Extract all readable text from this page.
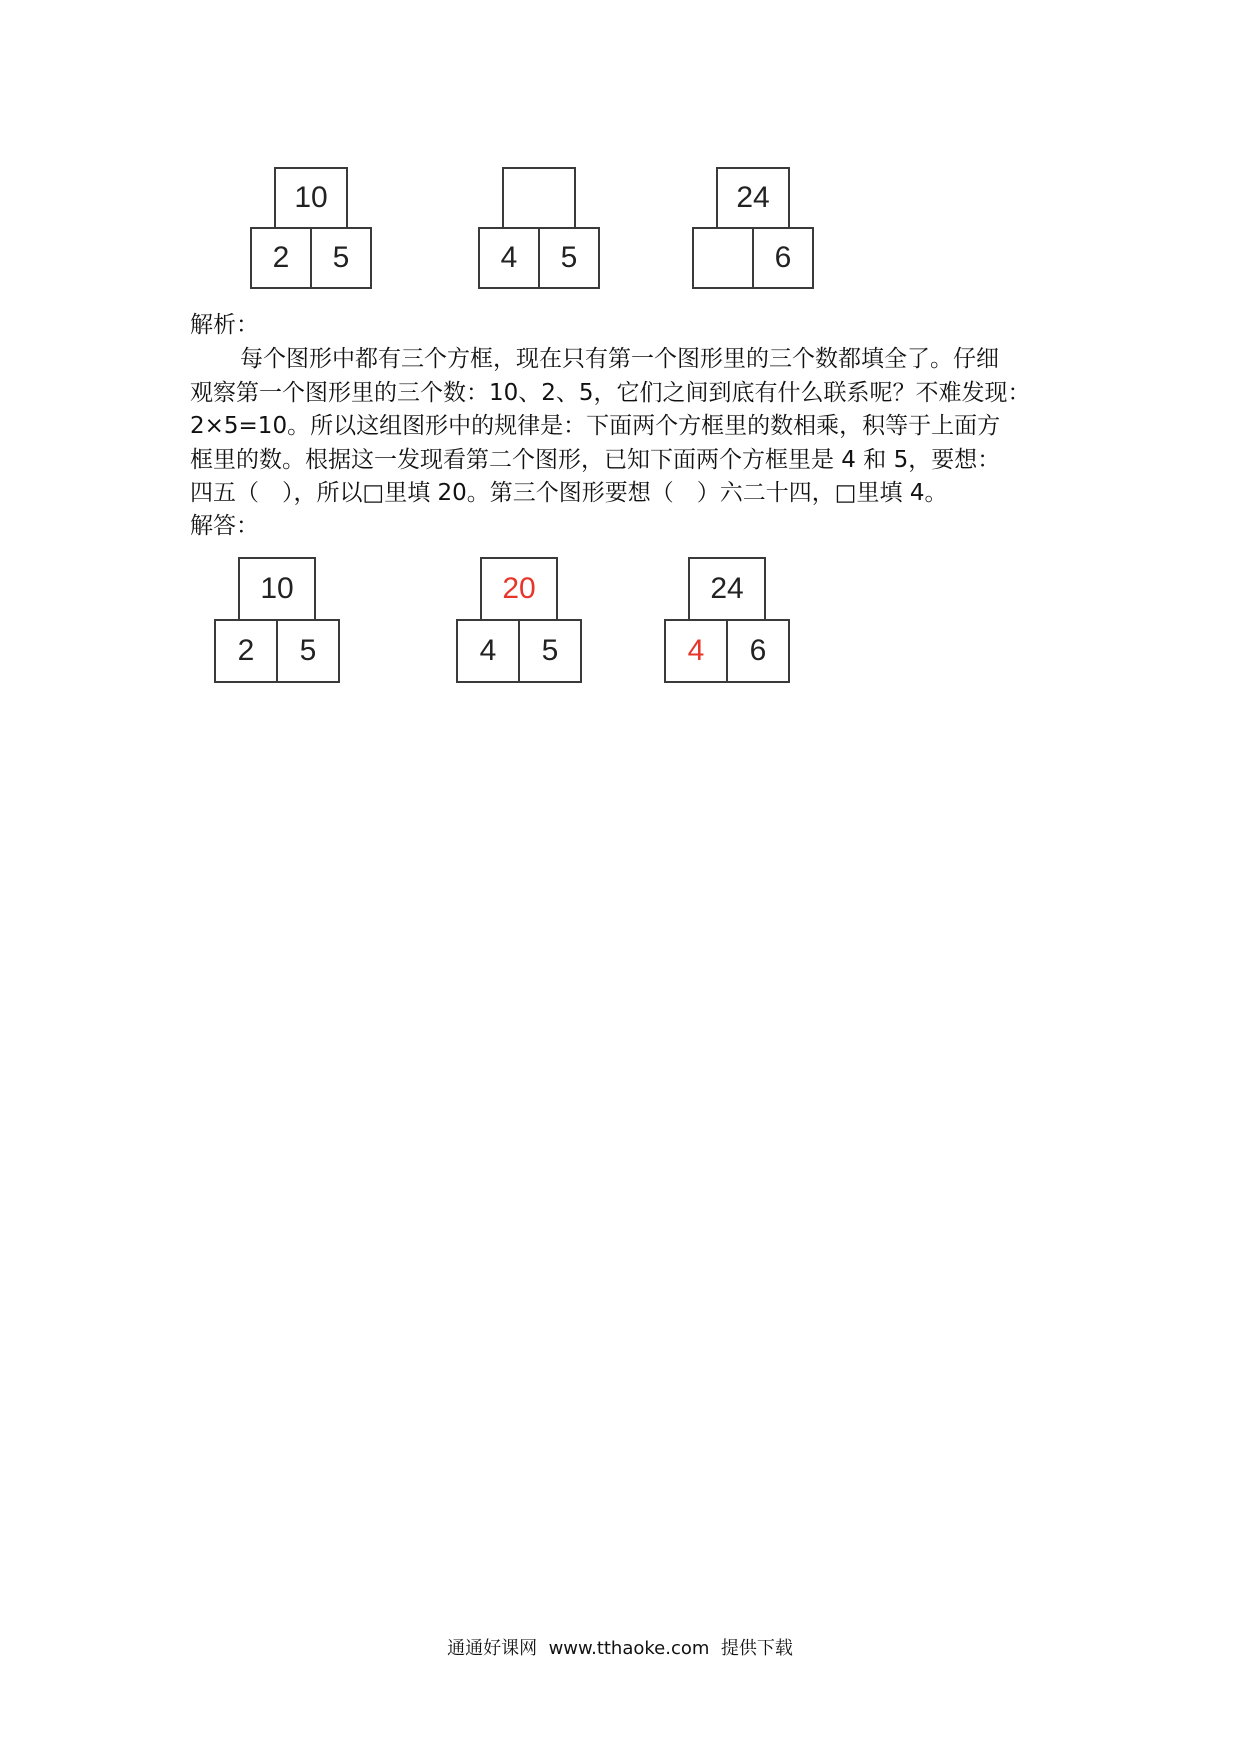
10
2	5	4	5
24
6
解析：

每个图形中都有三个方框，现在只有第一个图形里的三个数都填全了。仔细
观察第一个图形里的三个数：10、2、5，它们之间到底有什么联系呢？不难发现：
2×5=10。所以这组图形中的规律是：下面两个方框里的数相乘，积等于上面方
框里的数。根据这一发现看第二个图形，已知下面两个方框里是 4 和 5，要想：
四五（　），所以□里填 20。第三个图形要想（　）六二十四，□里填 4。

解答：
10
2	5
20
4	5
24
4	6
通通好课网  www.tthaoke.com  提供下载
